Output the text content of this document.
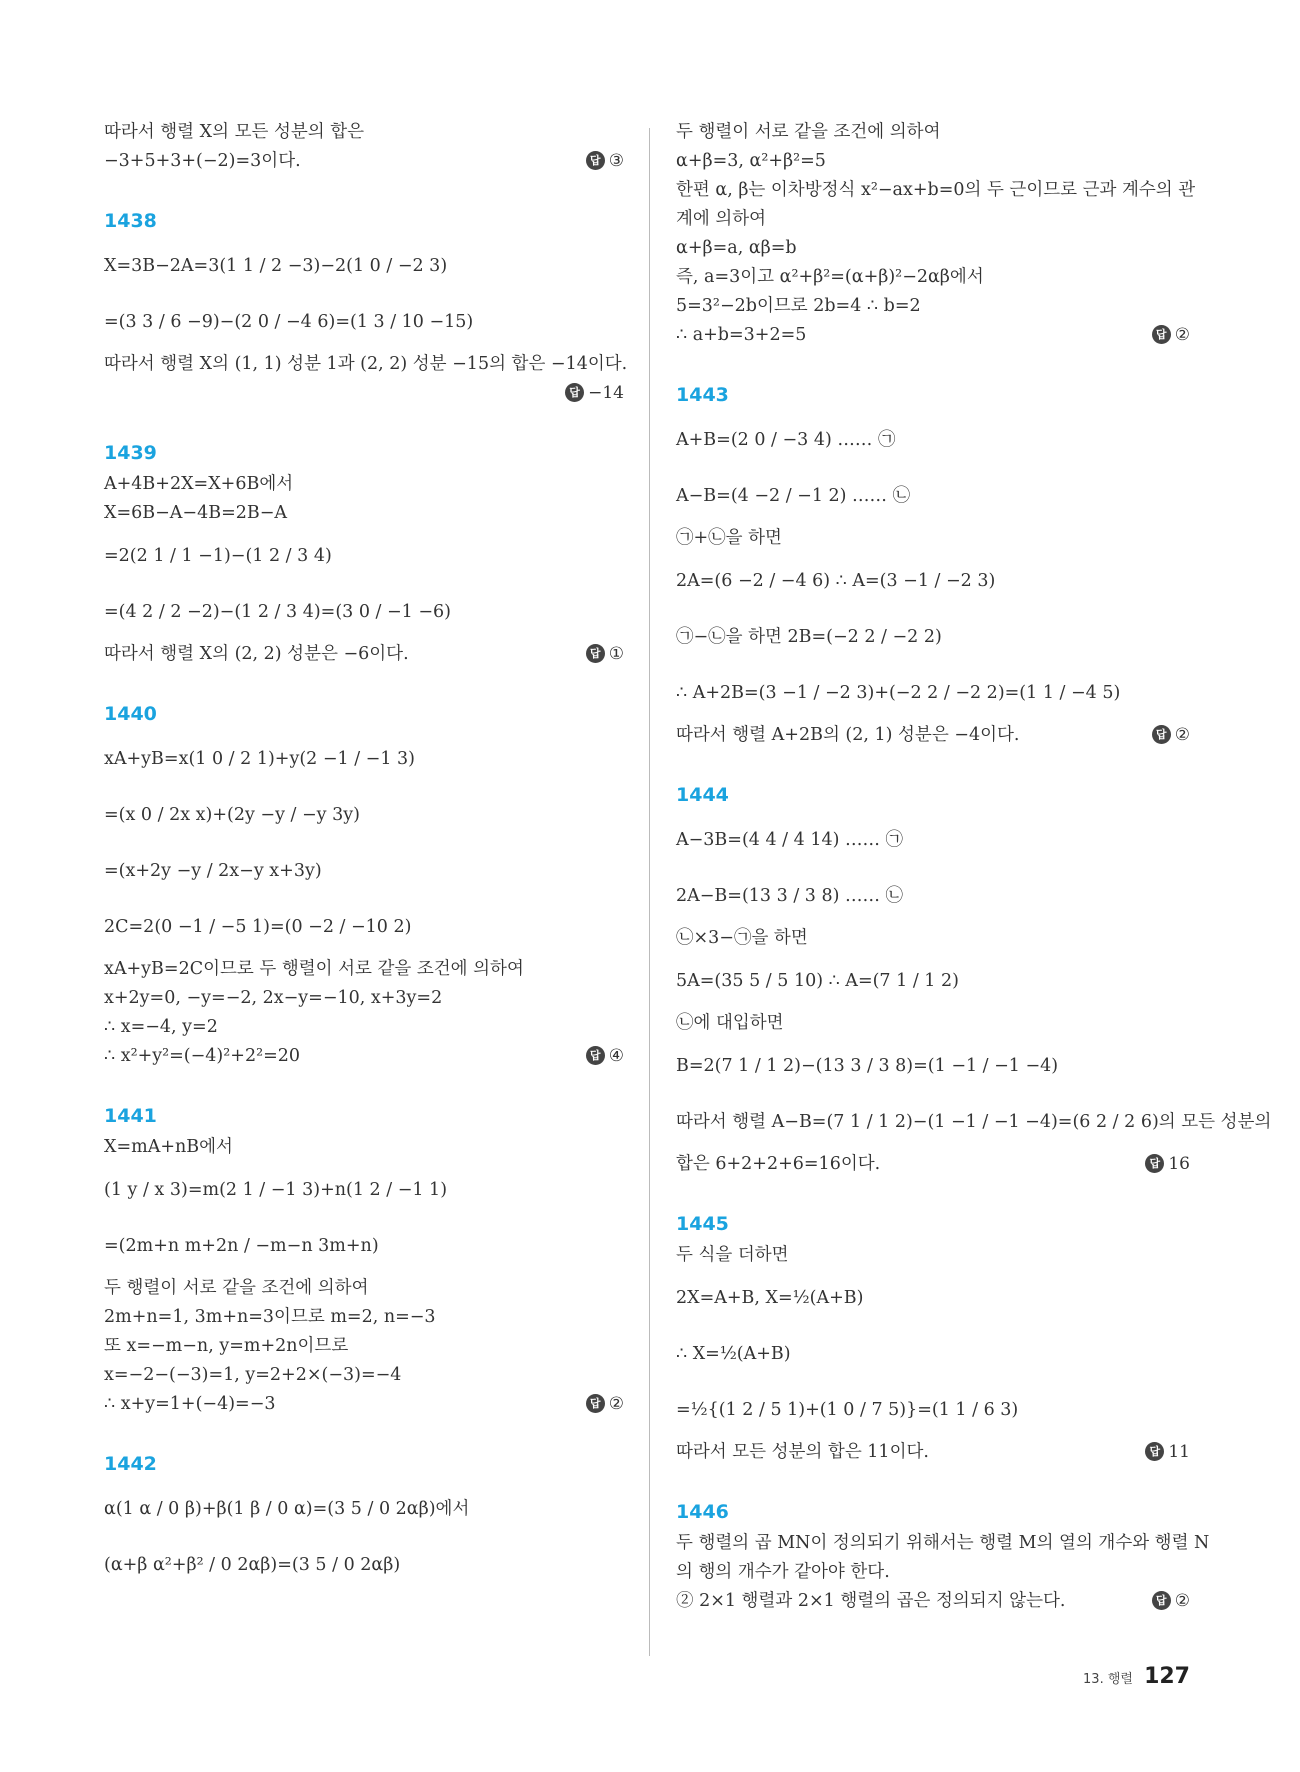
따라서 행렬 X의 모든 성분의 합은
−3+5+3+(−2)=3이다.	답 ③
1438
X=3B−2A=3(1 1 / 2 −3)−2(1 0 / −2 3)
=(3 3 / 6 −9)−(2 0 / −4 6)=(1 3 / 10 −15)
따라서 행렬 X의 (1, 1) 성분 1과 (2, 2) 성분 −15의 합은 −14이다.
답 −14
1439
A+4B+2X=X+6B에서
X=6B−A−4B=2B−A
=2(2 1 / 1 −1)−(1 2 / 3 4)
=(4 2 / 2 −2)−(1 2 / 3 4)=(3 0 / −1 −6)
따라서 행렬 X의 (2, 2) 성분은 −6이다.	답 ①
1440
xA+yB=x(1 0 / 2 1)+y(2 −1 / −1 3)
=(x 0 / 2x x)+(2y −y / −y 3y)
=(x+2y −y / 2x−y x+3y)
2C=2(0 −1 / −5 1)=(0 −2 / −10 2)
xA+yB=2C이므로 두 행렬이 서로 같을 조건에 의하여
x+2y=0, −y=−2, 2x−y=−10, x+3y=2
∴ x=−4, y=2
∴ x²+y²=(−4)²+2²=20	답 ④
1441
X=mA+nB에서
(1 y / x 3)=m(2 1 / −1 3)+n(1 2 / −1 1)
=(2m+n m+2n / −m−n 3m+n)
두 행렬이 서로 같을 조건에 의하여
2m+n=1, 3m+n=3이므로 m=2, n=−3
또 x=−m−n, y=m+2n이므로
x=−2−(−3)=1, y=2+2×(−3)=−4
∴ x+y=1+(−4)=−3	답 ②
1442
α(1 α / 0 β)+β(1 β / 0 α)=(3 5 / 0 2αβ)에서
(α+β α²+β² / 0 2αβ)=(3 5 / 0 2αβ)
두 행렬이 서로 같을 조건에 의하여
α+β=3, α²+β²=5
한편 α, β는 이차방정식 x²−ax+b=0의 두 근이므로 근과 계수의 관
계에 의하여
α+β=a, αβ=b
즉, a=3이고 α²+β²=(α+β)²−2αβ에서
5=3²−2b이므로 2b=4 ∴ b=2
∴ a+b=3+2=5	답 ②
1443
A+B=(2 0 / −3 4) …… ㉠
A−B=(4 −2 / −1 2) …… ㉡
㉠+㉡을 하면
2A=(6 −2 / −4 6) ∴ A=(3 −1 / −2 3)
㉠−㉡을 하면 2B=(−2 2 / −2 2)
∴ A+2B=(3 −1 / −2 3)+(−2 2 / −2 2)=(1 1 / −4 5)
따라서 행렬 A+2B의 (2, 1) 성분은 −4이다.	답 ②
1444
A−3B=(4 4 / 4 14) …… ㉠
2A−B=(13 3 / 3 8) …… ㉡
㉡×3−㉠을 하면
5A=(35 5 / 5 10) ∴ A=(7 1 / 1 2)
㉡에 대입하면
B=2(7 1 / 1 2)−(13 3 / 3 8)=(1 −1 / −1 −4)
따라서 행렬 A−B=(7 1 / 1 2)−(1 −1 / −1 −4)=(6 2 / 2 6)의 모든 성분의
합은 6+2+2+6=16이다.	답 16
1445
두 식을 더하면
2X=A+B, X=½(A+B)
∴ X=½(A+B)
=½{(1 2 / 5 1)+(1 0 / 7 5)}=(1 1 / 6 3)
따라서 모든 성분의 합은 11이다.	답 11
1446
두 행렬의 곱 MN이 정의되기 위해서는 행렬 M의 열의 개수와 행렬 N
의 행의 개수가 같아야 한다.
② 2×1 행렬과 2×1 행렬의 곱은 정의되지 않는다.	답 ②
13. 행렬 127
